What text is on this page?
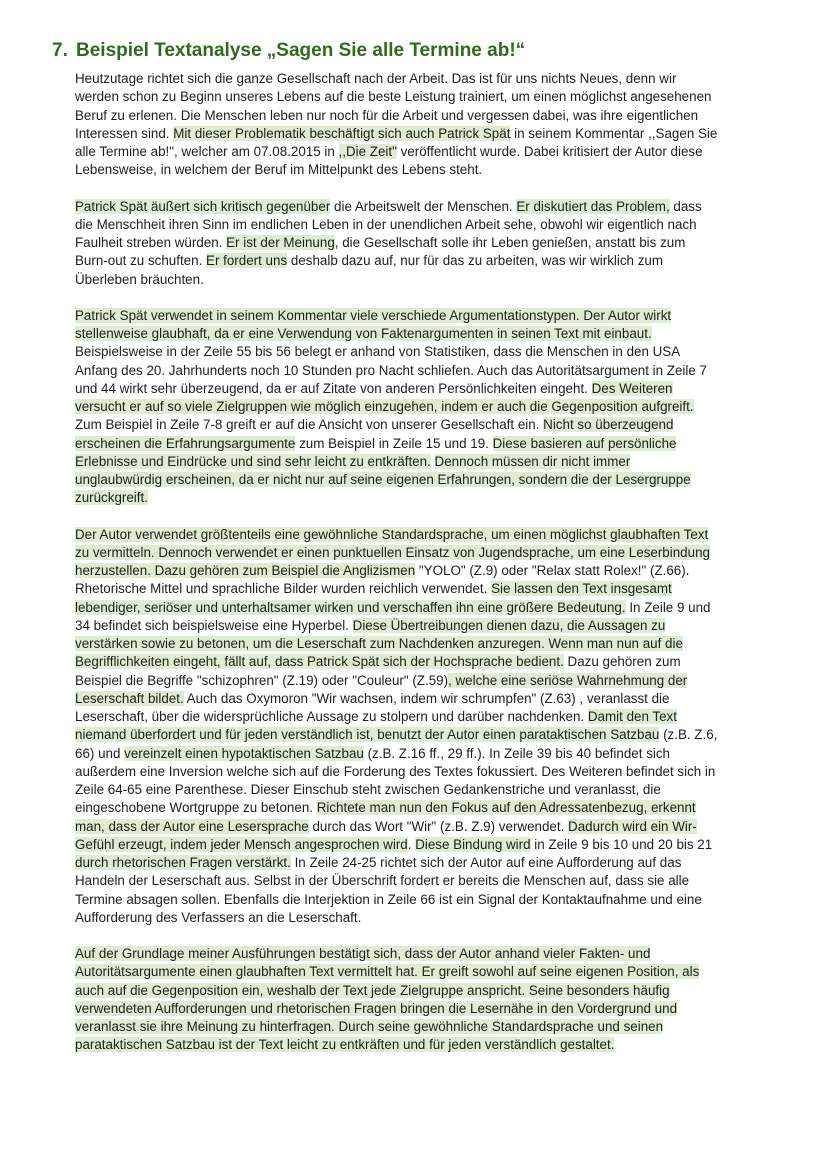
7. Beispiel Textanalyse „Sagen Sie alle Termine ab!“
Heutzutage richtet sich die ganze Gesellschaft nach der Arbeit. Das ist für uns nichts Neues, denn wir
werden schon zu Beginn unseres Lebens auf die beste Leistung trainiert, um einen möglichst angesehenen
Beruf zu erlenen. Die Menschen leben nur noch für die Arbeit und vergessen dabei, was ihre eigentlichen
Interessen sind. Mit dieser Problematik beschäftigt sich auch Patrick Spät in seinem Kommentar ,,Sagen Sie
alle Termine ab!", welcher am 07.08.2015 in ,,Die Zeit" veröffentlicht wurde. Dabei kritisiert der Autor diese
Lebensweise, in welchem der Beruf im Mittelpunkt des Lebens steht.
Patrick Spät äußert sich kritisch gegenüber die Arbeitswelt der Menschen. Er diskutiert das Problem, dass
die Menschheit ihren Sinn im endlichen Leben in der unendlichen Arbeit sehe, obwohl wir eigentlich nach
Faulheit streben würden. Er ist der Meinung, die Gesellschaft solle ihr Leben genießen, anstatt bis zum
Burn-out zu schuften. Er fordert uns deshalb dazu auf, nur für das zu arbeiten, was wir wirklich zum
Überleben bräuchten.
Patrick Spät verwendet in seinem Kommentar viele verschiede Argumentationstypen. Der Autor wirkt
stellenweise glaubhaft, da er eine Verwendung von Faktenargumenten in seinen Text mit einbaut.
Beispielsweise in der Zeile 55 bis 56 belegt er anhand von Statistiken, dass die Menschen in den USA
Anfang des 20. Jahrhunderts noch 10 Stunden pro Nacht schliefen. Auch das Autoritätsargument in Zeile 7
und 44 wirkt sehr überzeugend, da er auf Zitate von anderen Persönlichkeiten eingeht. Des Weiteren
versucht er auf so viele Zielgruppen wie möglich einzugehen, indem er auch die Gegenposition aufgreift.
Zum Beispiel in Zeile 7-8 greift er auf die Ansicht von unserer Gesellschaft ein. Nicht so überzeugend
erscheinen die Erfahrungsargumente zum Beispiel in Zeile 15 und 19. Diese basieren auf persönliche
Erlebnisse und Eindrücke und sind sehr leicht zu entkräften. Dennoch müssen dir nicht immer
unglaubwürdig erscheinen, da er nicht nur auf seine eigenen Erfahrungen, sondern die der Lesergruppe
zurückgreift.
Der Autor verwendet größtenteils eine gewöhnliche Standardsprache, um einen möglichst glaubhaften Text
zu vermitteln. Dennoch verwendet er einen punktuellen Einsatz von Jugendsprache, um eine Leserbindung
herzustellen. Dazu gehören zum Beispiel die Anglizismen "YOLO" (Z.9) oder "Relax statt Rolex!" (Z.66).
Rhetorische Mittel und sprachliche Bilder wurden reichlich verwendet. Sie lassen den Text insgesamt
lebendiger, seriöser und unterhaltsamer wirken und verschaffen ihn eine größere Bedeutung. In Zeile 9 und
34 befindet sich beispielsweise eine Hyperbel. Diese Übertreibungen dienen dazu, die Aussagen zu
verstärken sowie zu betonen, um die Leserschaft zum Nachdenken anzuregen. Wenn man nun auf die
Begrifflichkeiten eingeht, fällt auf, dass Patrick Spät sich der Hochsprache bedient. Dazu gehören zum
Beispiel die Begriffe "schizophren" (Z.19) oder "Couleur" (Z.59), welche eine seriöse Wahrnehmung der
Leserschaft bildet. Auch das Oxymoron "Wir wachsen, indem wir schrumpfen" (Z.63) , veranlasst die
Leserschaft, über die widersprüchliche Aussage zu stolpern und darüber nachdenken. Damit den Text
niemand überfordert und für jeden verständlich ist, benutzt der Autor einen parataktischen Satzbau (z.B. Z.6,
66) und vereinzelt einen hypotaktischen Satzbau (z.B. Z.16 ff., 29 ff.). In Zeile 39 bis 40 befindet sich
außerdem eine Inversion welche sich auf die Forderung des Textes fokussiert. Des Weiteren befindet sich in
Zeile 64-65 eine Parenthese. Dieser Einschub steht zwischen Gedankenstriche und veranlasst, die
eingeschobene Wortgruppe zu betonen. Richtete man nun den Fokus auf den Adressatenbezug, erkennt
man, dass der Autor eine Lesersprache durch das Wort "Wir" (z.B. Z.9) verwendet. Dadurch wird ein Wir-
Gefühl erzeugt, indem jeder Mensch angesprochen wird. Diese Bindung wird in Zeile 9 bis 10 und 20 bis 21
durch rhetorischen Fragen verstärkt. In Zeile 24-25 richtet sich der Autor auf eine Aufforderung auf das
Handeln der Leserschaft aus. Selbst in der Überschrift fordert er bereits die Menschen auf, dass sie alle
Termine absagen sollen. Ebenfalls die Interjektion in Zeile 66 ist ein Signal der Kontaktaufnahme und eine
Aufforderung des Verfassers an die Leserschaft.
Auf der Grundlage meiner Ausführungen bestätigt sich, dass der Autor anhand vieler Fakten- und
Autoritätsargumente einen glaubhaften Text vermittelt hat. Er greift sowohl auf seine eigenen Position, als
auch auf die Gegenposition ein, weshalb der Text jede Zielgruppe anspricht. Seine besonders häufig
verwendeten Aufforderungen und rhetorischen Fragen bringen die Lesernähe in den Vordergrund und
veranlasst sie ihre Meinung zu hinterfragen. Durch seine gewöhnliche Standardsprache und seinen
parataktischen Satzbau ist der Text leicht zu entkräften und für jeden verständlich gestaltet.
